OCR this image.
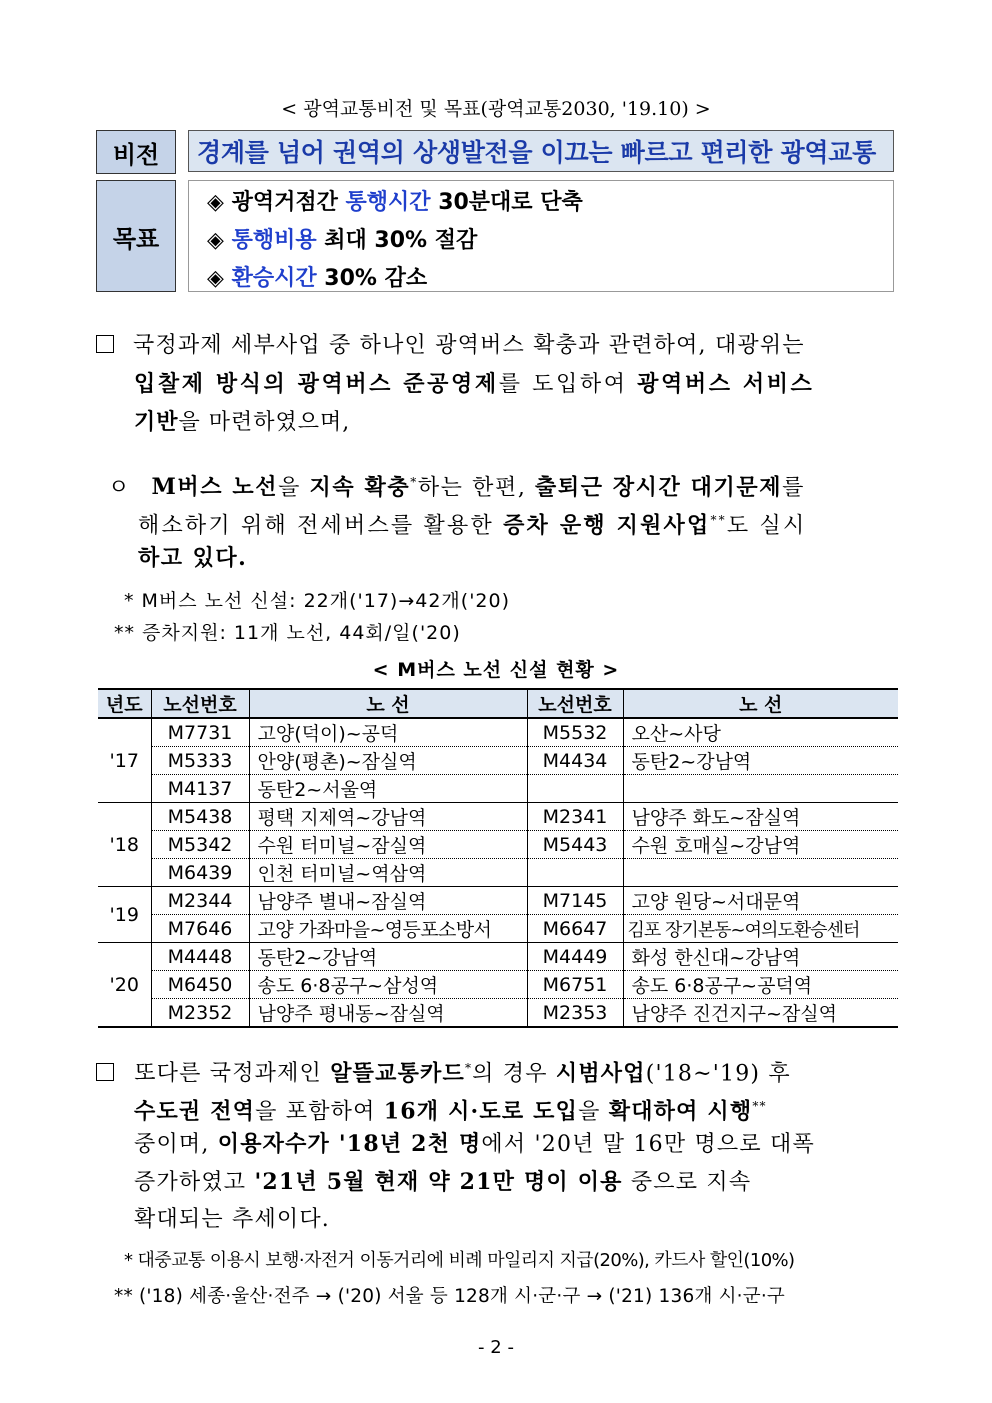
< 광역교통비전 및 목표(광역교통2030, '19.10) >
비전	경계를 넘어 권역의 상생발전을 이끄는 빠르고 편리한 광역교통
목표
◈ 광역거점간 통행시간 30분대로 단축
◈ 통행비용 최대 30% 절감
◈ 환승시간 30% 감소
국정과제 세부사업 중 하나인 광역버스 확충과 관련하여, 대광위는
입찰제 방식의 광역버스 준공영제를 도입하여 광역버스 서비스
기반을 마련하였으며,
ㅇ M버스 노선을 지속 확충*하는 한편, 출퇴근 장시간 대기문제를
해소하기 위해 전세버스를 활용한 증차 운행 지원사업**도 실시
하고 있다.
* M버스 노선 신설: 22개('17)→42개('20)
** 증차지원: 11개 노선, 44회/일('20)
< M버스 노선 신설 현황 >
년도	노선번호	노 선	노선번호	노 선
'17	M7731	고양(덕이)~공덕	M5532	오산~사당
	M5333	안양(평촌)~잠실역	M4434	동탄2~강남역
	M4137	동탄2~서울역		
'18	M5438	평택 지제역~강남역	M2341	남양주 화도~잠실역
	M5342	수원 터미널~잠실역	M5443	수원 호매실~강남역
	M6439	인천 터미널~역삼역		
'19	M2344	남양주 별내~잠실역	M7145	고양 원당~서대문역
	M7646	고양 가좌마을~영등포소방서	M6647	김포 장기본동~여의도환승센터
'20	M4448	동탄2~강남역	M4449	화성 한신대~강남역
	M6450	송도 6·8공구~삼성역	M6751	송도 6·8공구~공덕역
	M2352	남양주 평내동~잠실역	M2353	남양주 진건지구~잠실역
또다른 국정과제인 알뜰교통카드*의 경우 시범사업('18~'19) 후
수도권 전역을 포함하여 16개 시·도로 도입을 확대하여 시행**
중이며, 이용자수가 '18년 2천 명에서 '20년 말 16만 명으로 대폭
증가하였고 '21년 5월 현재 약 21만 명이 이용 중으로 지속
확대되는 추세이다.
* 대중교통 이용시 보행·자전거 이동거리에 비례 마일리지 지급(20%), 카드사 할인(10%)
** ('18) 세종·울산·전주 → ('20) 서울 등 128개 시·군·구 → ('21) 136개 시·군·구
- 2 -
